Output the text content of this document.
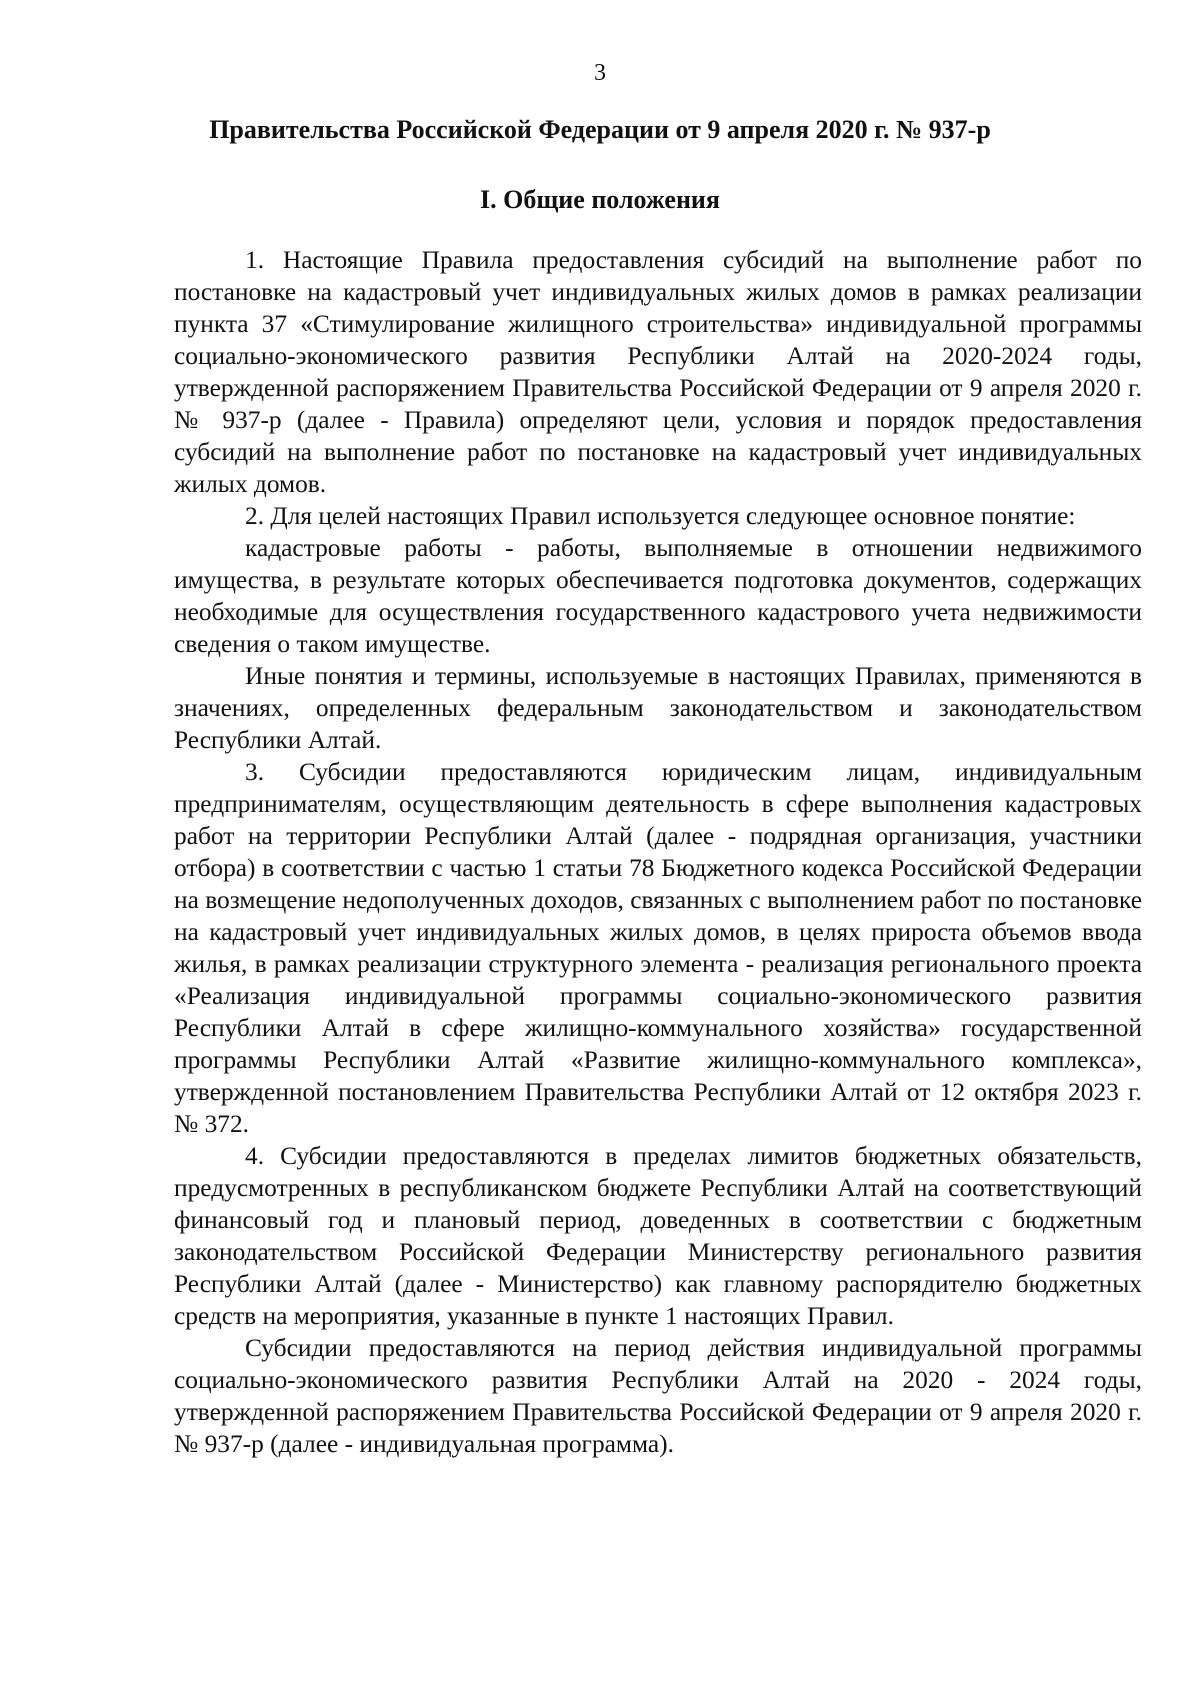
3
Правительства Российской Федерации от 9 апреля 2020 г. № 937-р
I. Общие положения

1. Настоящие Правила предоставления субсидий на выполнение работ по постановке на кадастровый учет индивидуальных жилых домов в рамках реализации пункта 37 «Стимулирование жилищного строительства» индивидуальной программы социально-экономического развития Республики Алтай на 2020-2024 годы, утвержденной распоряжением Правительства Российской Федерации от 9 апреля 2020 г. № 937-р (далее - Правила) определяют цели, условия и порядок предоставления субсидий на выполнение работ по постановке на кадастровый учет индивидуальных жилых домов.

2. Для целей настоящих Правил используется следующее основное понятие:

кадастровые работы - работы, выполняемые в отношении недвижимого имущества, в результате которых обеспечивается подготовка документов, содержащих необходимые для осуществления государственного кадастрового учета недвижимости сведения о таком имуществе.

Иные понятия и термины, используемые в настоящих Правилах, применяются в значениях, определенных федеральным законодательством и законодательством Республики Алтай.

3. Субсидии предоставляются юридическим лицам, индивидуальным предпринимателям, осуществляющим деятельность в сфере выполнения кадастровых работ на территории Республики Алтай (далее - подрядная организация, участники отбора) в соответствии с частью 1 статьи 78 Бюджетного кодекса Российской Федерации на возмещение недополученных доходов, связанных с выполнением работ по постановке на кадастровый учет индивидуальных жилых домов, в целях прироста объемов ввода жилья, в рамках реализации структурного элемента - реализация регионального проекта «Реализация индивидуальной программы социально-экономического развития Республики Алтай в сфере жилищно-коммунального хозяйства» государственной программы Республики Алтай «Развитие жилищно-коммунального комплекса», утвержденной постановлением Правительства Республики Алтай от 12 октября 2023 г. № 372.

4. Субсидии предоставляются в пределах лимитов бюджетных обязательств, предусмотренных в республиканском бюджете Республики Алтай на соответствующий финансовый год и плановый период, доведенных в соответствии с бюджетным законодательством Российской Федерации Министерству регионального развития Республики Алтай (далее - Министерство) как главному распорядителю бюджетных средств на мероприятия, указанные в пункте 1 настоящих Правил.

Субсидии предоставляются на период действия индивидуальной программы социально-экономического развития Республики Алтай на 2020 - 2024 годы, утвержденной распоряжением Правительства Российской Федерации от 9 апреля 2020 г. № 937-р (далее - индивидуальная программа).
